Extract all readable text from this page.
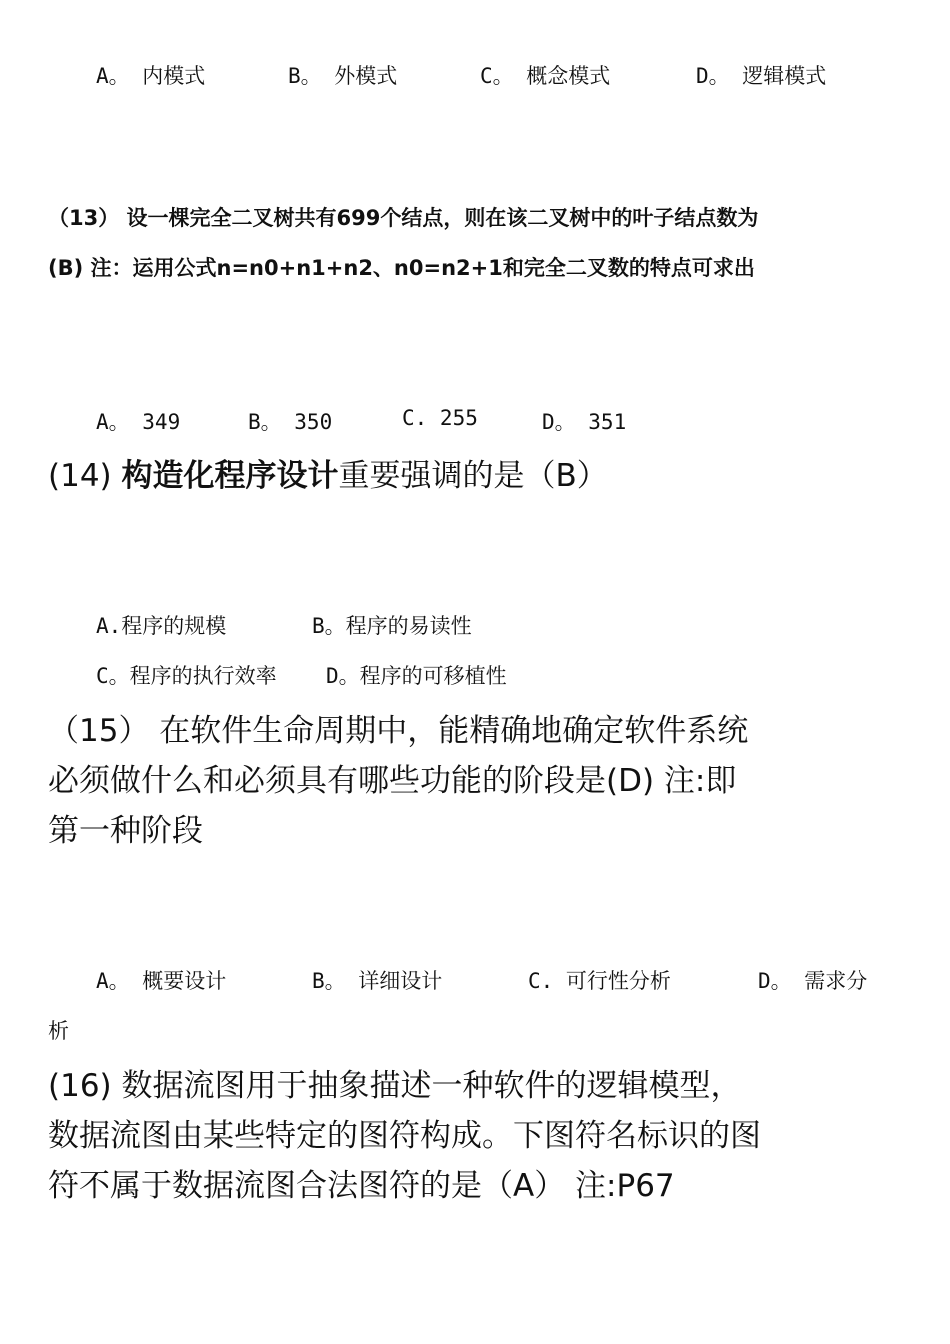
A。 内模式	B。 外模式	C。 概念模式	D。 逻辑模式
（13） 设一棵完全二叉树共有699个结点，则在该二叉树中的叶子结点数为
(B) 注：运用公式n=n0+n1+n2、n0=n2+1和完全二叉数的特点可求出
A。 349	B。 350	C. 255	D。 351
(14) 构造化程序设计重要强调的是（B）
A.程序的规模	B。程序的易读性
C。程序的执行效率 D。程序的可移植性
（15） 在软件生命周期中，能精确地确定软件系统
必须做什么和必须具有哪些功能的阶段是(D) 注:即
第一种阶段
A。 概要设计	B。 详细设计	C. 可行性分析	D。 需求分
析
(16) 数据流图用于抽象描述一种软件的逻辑模型，
数据流图由某些特定的图符构成。下图符名标识的图
符不属于数据流图合法图符的是（A） 注:P67
